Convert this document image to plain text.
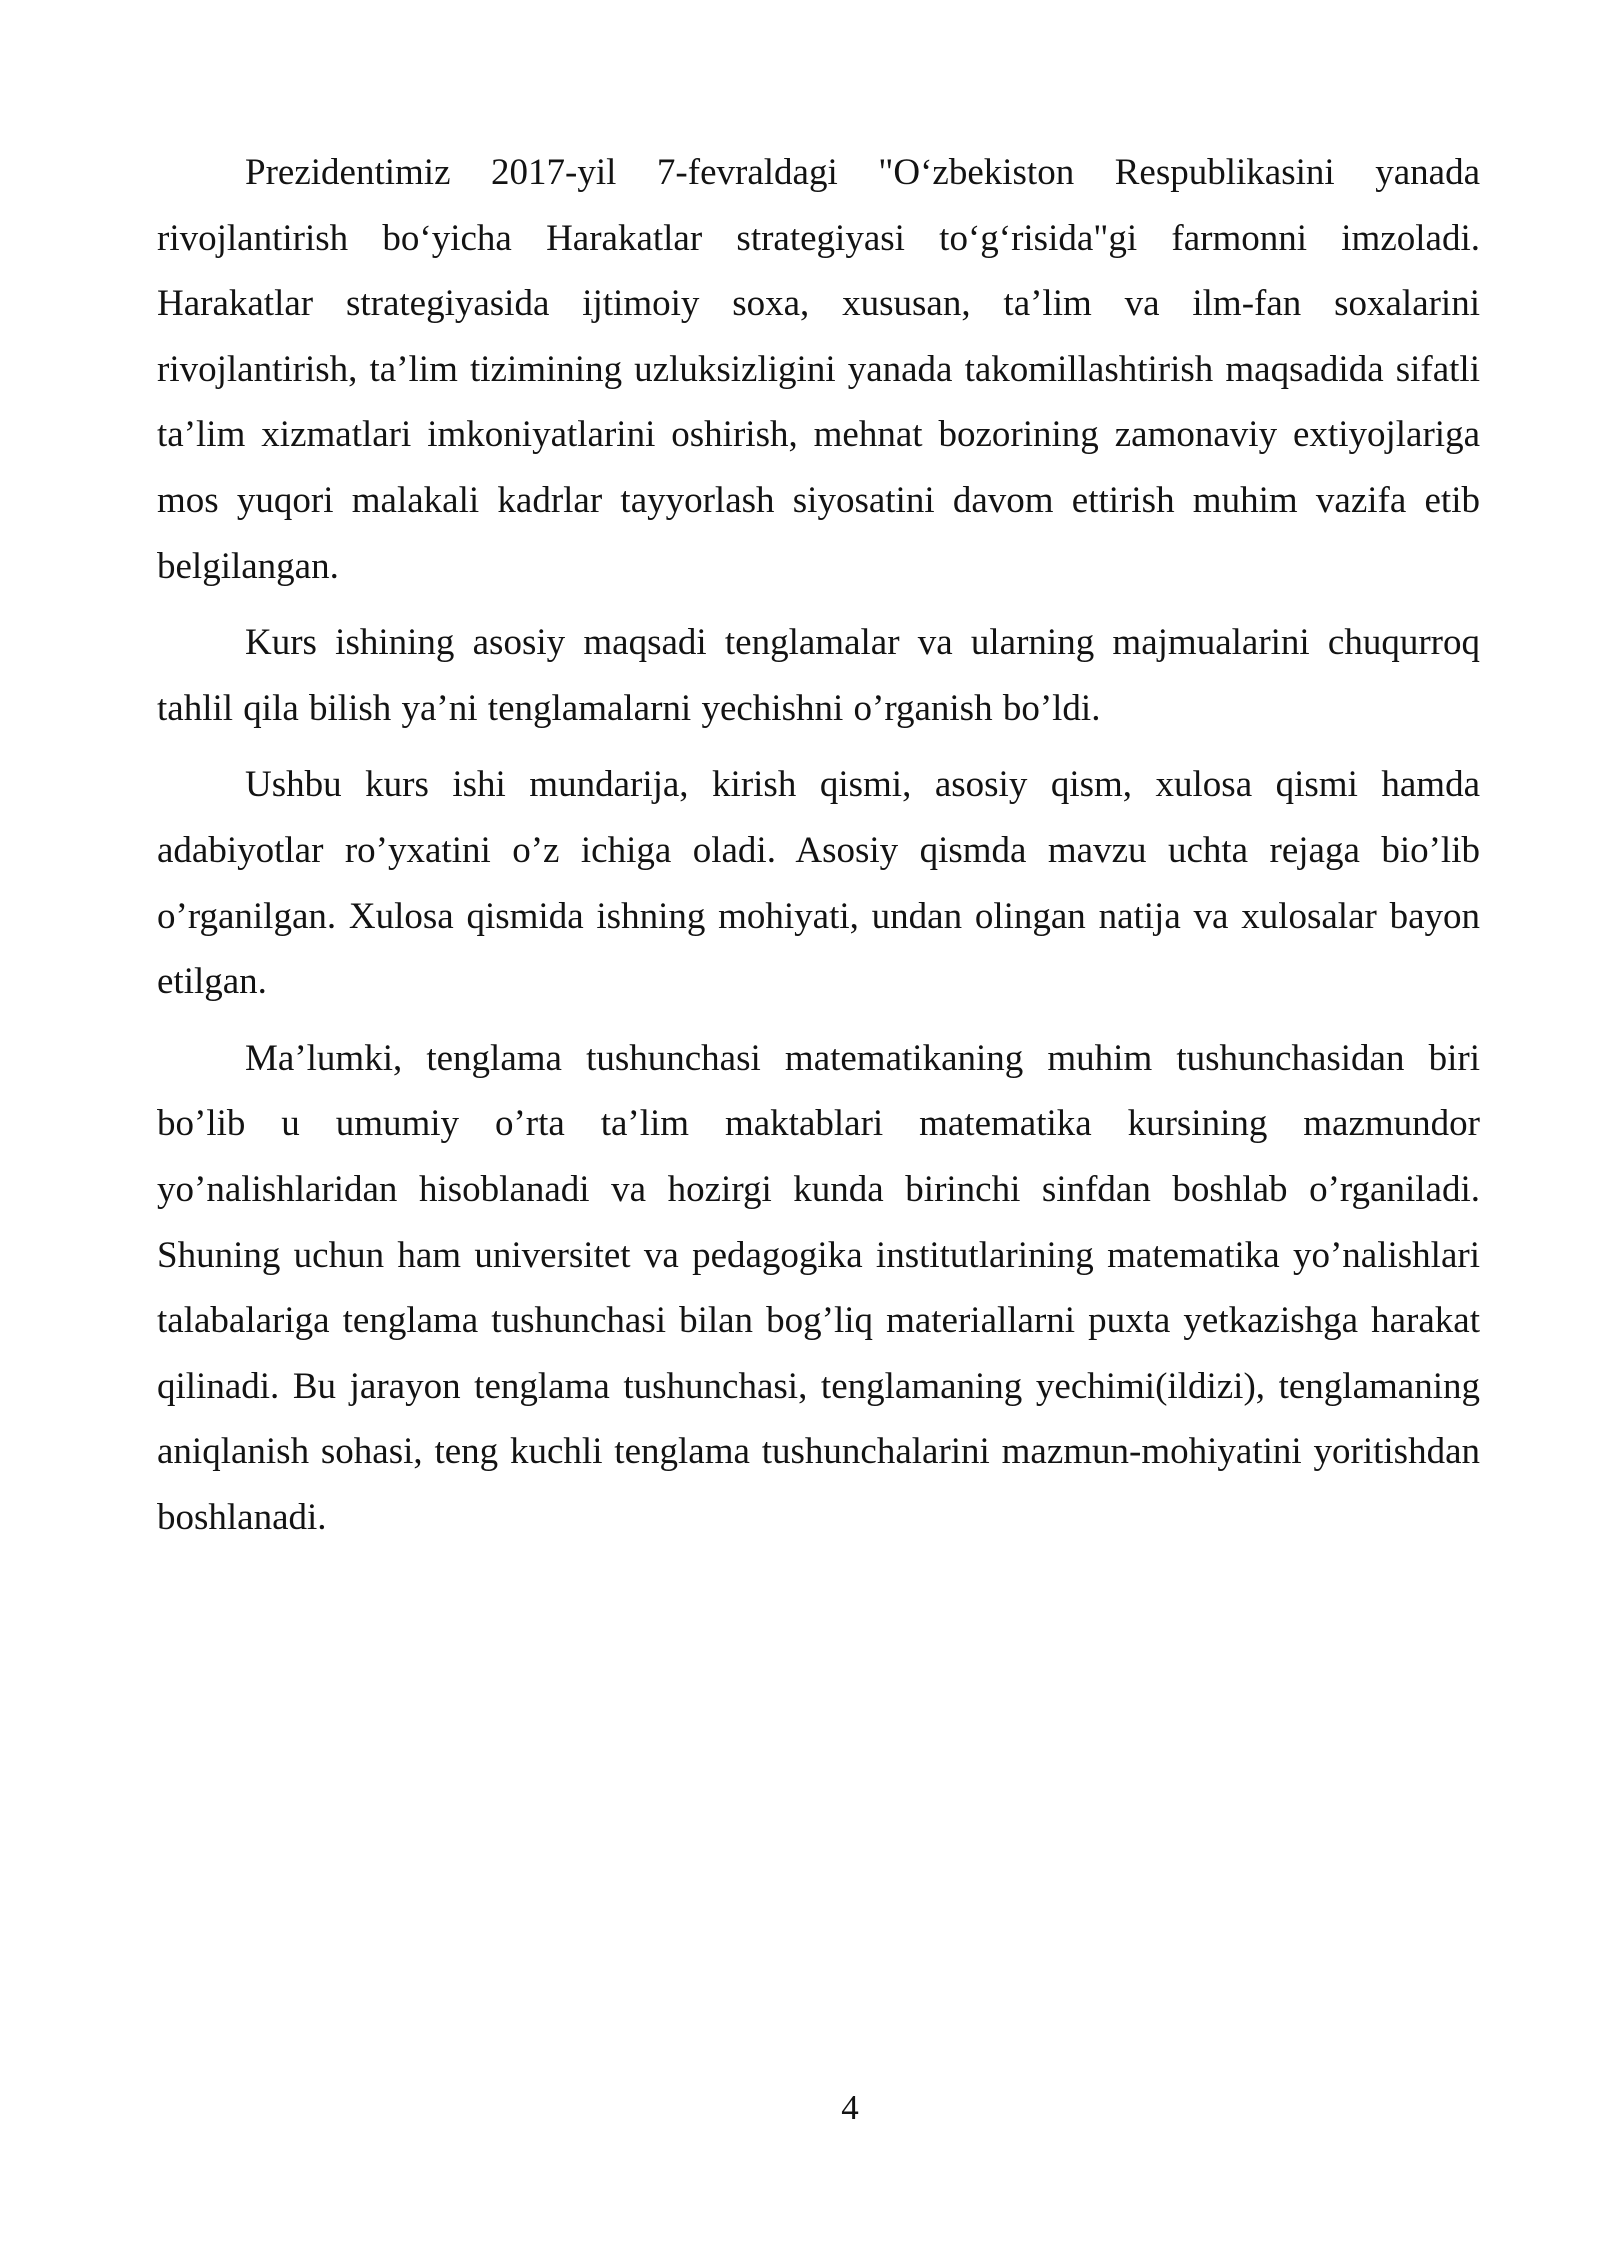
Prezidentimiz 2017-yil 7-fevraldagi "Oʻzbekiston Respublikasini yanada rivojlantirish boʻyicha Harakatlar strategiyasi toʻgʻrisida"gi farmonni imzoladi. Harakatlar strategiyasida ijtimoiy soxa, xususan, ta’lim va ilm-fan soxalarini rivojlantirish, ta’lim tizimining uzluksizligini yanada takomillashtirish maqsadida sifatli ta’lim xizmatlari imkoniyatlarini oshirish, mehnat bozorining zamonaviy extiyojlariga mos yuqori malakali kadrlar tayyorlash siyosatini davom ettirish muhim vazifa etib belgilangan.

Kurs ishining asosiy maqsadi tenglamalar va ularning majmualarini chuqurroq tahlil qila bilish ya’ni tenglamalarni yechishni o’rganish bo’ldi.

Ushbu kurs ishi mundarija, kirish qismi, asosiy qism, xulosa qismi hamda adabiyotlar ro’yxatini o’z ichiga oladi. Asosiy qismda mavzu uchta rejaga bio’lib o’rganilgan. Xulosa qismida ishning mohiyati, undan olingan natija va xulosalar bayon etilgan.

Ma’lumki, tenglama tushunchasi matematikaning muhim tushunchasidan biri bo’lib u umumiy o’rta ta’lim maktablari matematika kursining mazmundor yo’nalishlaridan hisoblanadi va hozirgi kunda birinchi sinfdan boshlab o’rganiladi. Shuning uchun ham universitet va pedagogika institutlarining matematika yo’nalishlari talabalariga tenglama tushunchasi bilan bog’liq materiallarni puxta yetkazishga harakat qilinadi. Bu jarayon tenglama tushunchasi, tenglamaning yechimi(ildizi), tenglamaning aniqlanish sohasi, teng kuchli tenglama tushunchalarini mazmun-mohiyatini yoritishdan boshlanadi.

4
